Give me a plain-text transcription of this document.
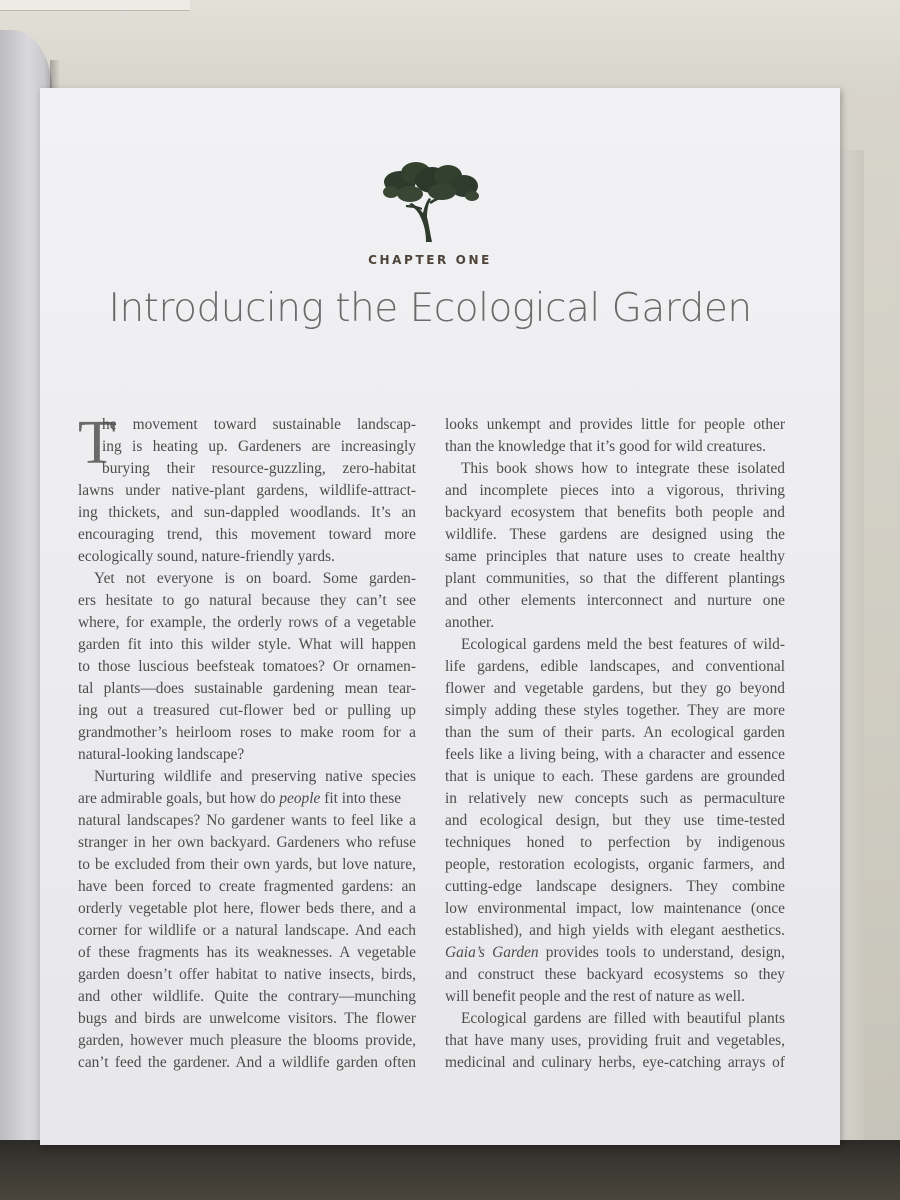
CHAPTER ONE
Introducing the Ecological Garden
T
he movement toward sustainable landscap-
ing is heating up. Gardeners are increasingly
burying their resource-guzzling, zero-habitat
lawns under native-plant gardens, wildlife-attract-
ing thickets, and sun-dappled woodlands. It’s an
encouraging trend, this movement toward more
ecologically sound, nature-friendly yards.
Yet not everyone is on board. Some garden-
ers hesitate to go natural because they can’t see
where, for example, the orderly rows of a vegetable
garden fit into this wilder style. What will happen
to those luscious beefsteak tomatoes? Or ornamen-
tal plants—does sustainable gardening mean tear-
ing out a treasured cut-flower bed or pulling up
grandmother’s heirloom roses to make room for a
natural-looking landscape?
Nurturing wildlife and preserving native species
are admirable goals, but how do people fit into these
natural landscapes? No gardener wants to feel like a
stranger in her own backyard. Gardeners who refuse
to be excluded from their own yards, but love nature,
have been forced to create fragmented gardens: an
orderly vegetable plot here, flower beds there, and a
corner for wildlife or a natural landscape. And each
of these fragments has its weaknesses. A vegetable
garden doesn’t offer habitat to native insects, birds,
and other wildlife. Quite the contrary—munching
bugs and birds are unwelcome visitors. The flower
garden, however much pleasure the blooms provide,
can’t feed the gardener. And a wildlife garden often
looks unkempt and provides little for people other
than the knowledge that it’s good for wild creatures.
This book shows how to integrate these isolated
and incomplete pieces into a vigorous, thriving
backyard ecosystem that benefits both people and
wildlife. These gardens are designed using the
same principles that nature uses to create healthy
plant communities, so that the different plantings
and other elements interconnect and nurture one
another.
Ecological gardens meld the best features of wild-
life gardens, edible landscapes, and conventional
flower and vegetable gardens, but they go beyond
simply adding these styles together. They are more
than the sum of their parts. An ecological garden
feels like a living being, with a character and essence
that is unique to each. These gardens are grounded
in relatively new concepts such as permaculture
and ecological design, but they use time-tested
techniques honed to perfection by indigenous
people, restoration ecologists, organic farmers, and
cutting-edge landscape designers. They combine
low environmental impact, low maintenance (once
established), and high yields with elegant aesthetics.
Gaia’s Garden provides tools to understand, design,
and construct these backyard ecosystems so they
will benefit people and the rest of nature as well.
Ecological gardens are filled with beautiful plants
that have many uses, providing fruit and vegetables,
medicinal and culinary herbs, eye-catching arrays of
